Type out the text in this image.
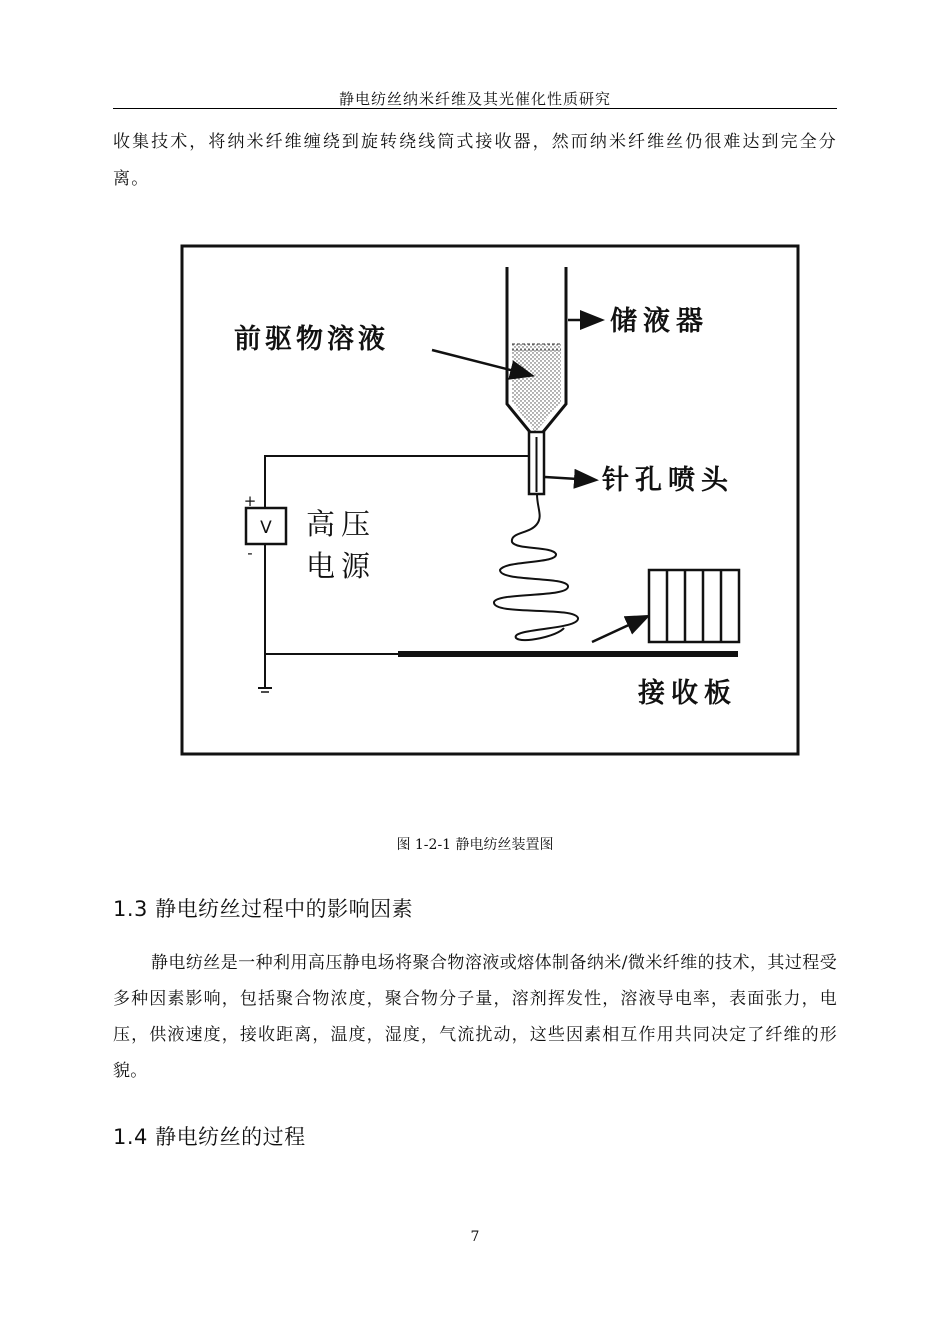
静电纺丝纳米纤维及其光催化性质研究
收集技术，将纳米纤维缠绕到旋转绕线筒式接收器，然而纳米纤维丝仍很难达到完全分离。
V
+
-
储液器
前驱物溶液
针孔喷头
高压
电源
接收板
图 1-2-1 静电纺丝装置图
1.3 静电纺丝过程中的影响因素
静电纺丝是一种利用高压静电场将聚合物溶液或熔体制备纳米/微米纤维的技术，其过程受多种因素影响，包括聚合物浓度，聚合物分子量，溶剂挥发性，溶液导电率，表面张力，电压，供液速度，接收距离，温度，湿度，气流扰动，这些因素相互作用共同决定了纤维的形貌。
1.4 静电纺丝的过程
7
